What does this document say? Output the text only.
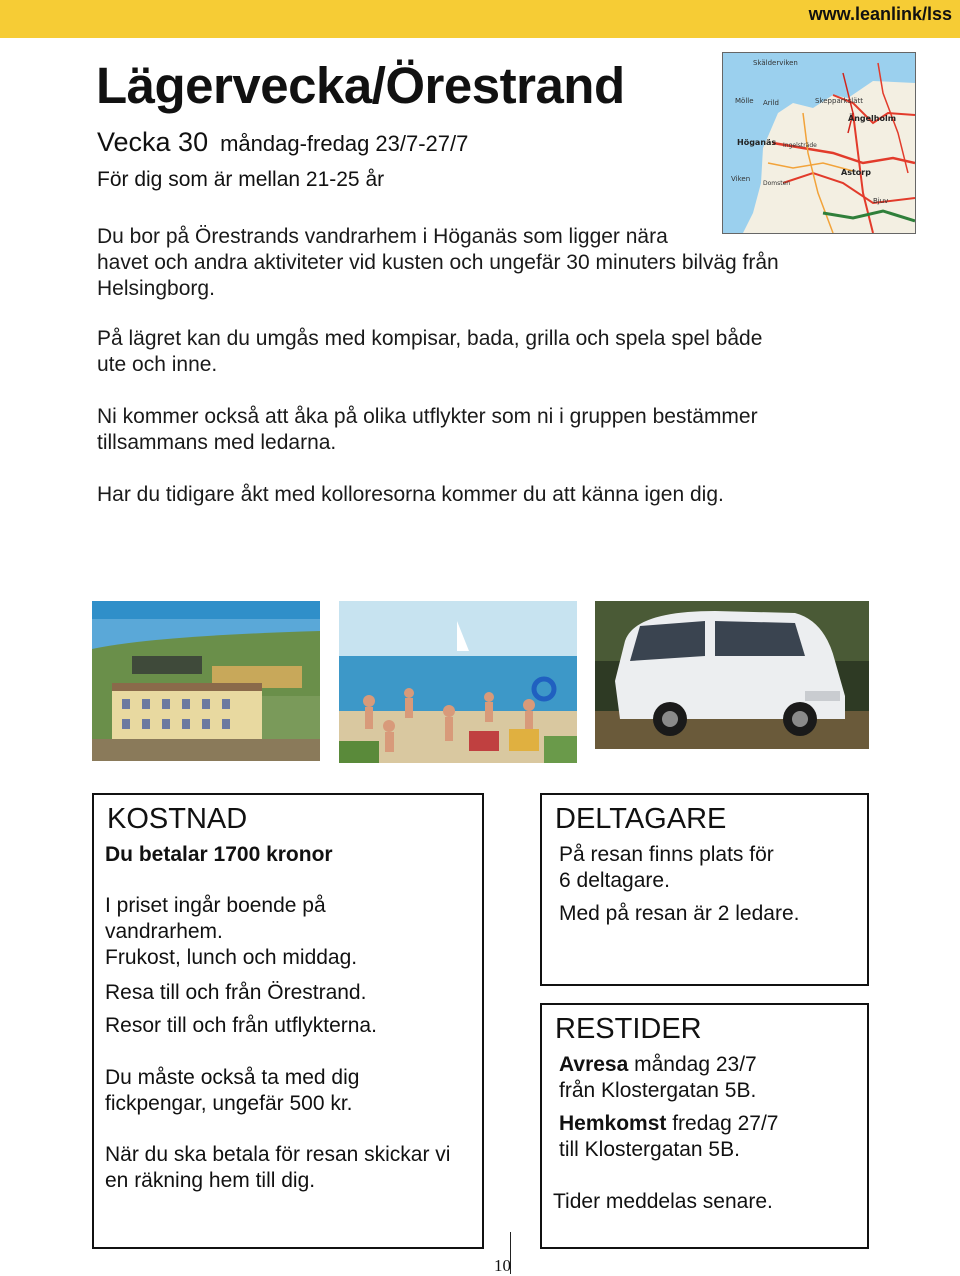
www.leanlink/lss
Lägervecka/Örestrand
Vecka 30 måndag-fredag 23/7-27/7
För dig som är mellan 21-25 år
Skälderviken
Mölle Arild	Skepparkslätt
Ängelholm
Höganäs Ingelsträde
Viken
Domsten
Astorp
Bjuv
Du bor på Örestrands vandrarhem i Höganäs som ligger nära
havet och andra aktiviteter vid kusten och ungefär 30 minuters bilväg från
Helsingborg.
På lägret kan du umgås med kompisar, bada, grilla och spela spel både
ute och inne.
Ni kommer också att åka på olika utflykter som ni i gruppen bestämmer
tillsammans med ledarna.
Har du tidigare åkt med kolloresorna kommer du att känna igen dig.
KOSTNAD
Du betalar 1700 kronor
I priset ingår boende på
vandrarhem.
Frukost, lunch och middag.
Resa till och från Örestrand.
Resor till och från utflykterna.
Du måste också ta med dig
fickpengar, ungefär 500 kr.
När du ska betala för resan skickar vi
en räkning hem till dig.
DELTAGARE
På resan finns plats för
6 deltagare.
Med på resan är 2 ledare.
RESTIDER
Avresa måndag 23/7
från Klostergatan 5B.
Hemkomst fredag 27/7
till Klostergatan 5B.
Tider meddelas senare.
10
